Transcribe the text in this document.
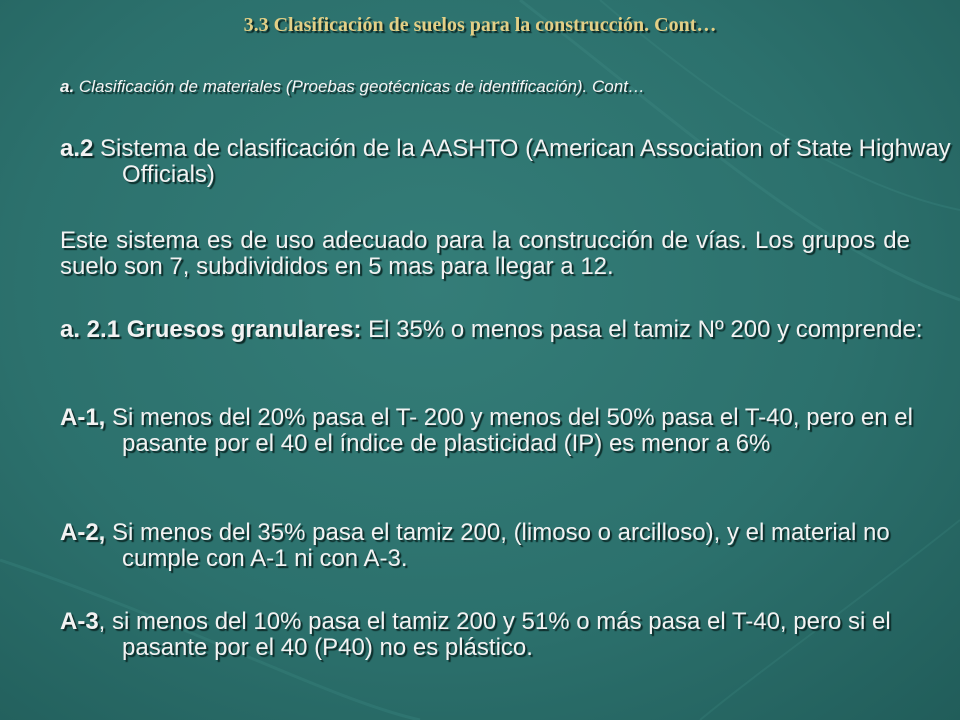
3.3 Clasificación de suelos para la construcción. Cont…

a. Clasificación de materiales (Proebas geotécnicas de identificación). Cont…

a.2 Sistema de clasificación de la AASHTO (American Association of State Highway Officials)

Este sistema es de uso adecuado para la construcción de vías. Los grupos de suelo son 7, subdivididos en 5 mas para llegar a 12.

a. 2.1 Gruesos granulares: El 35% o menos pasa el tamiz Nº 200 y comprende:

A-1, Si menos del 20% pasa el T- 200 y menos del 50% pasa el T-40, pero en el pasante por el 40 el índice de plasticidad (IP) es menor a 6%

A-2, Si menos del 35% pasa el tamiz 200, (limoso o arcilloso), y el material no cumple con A-1 ni con A-3.

A-3, si menos del 10% pasa el tamiz 200 y 51% o más pasa el T-40, pero si el pasante por el 40 (P40) no es plástico.
